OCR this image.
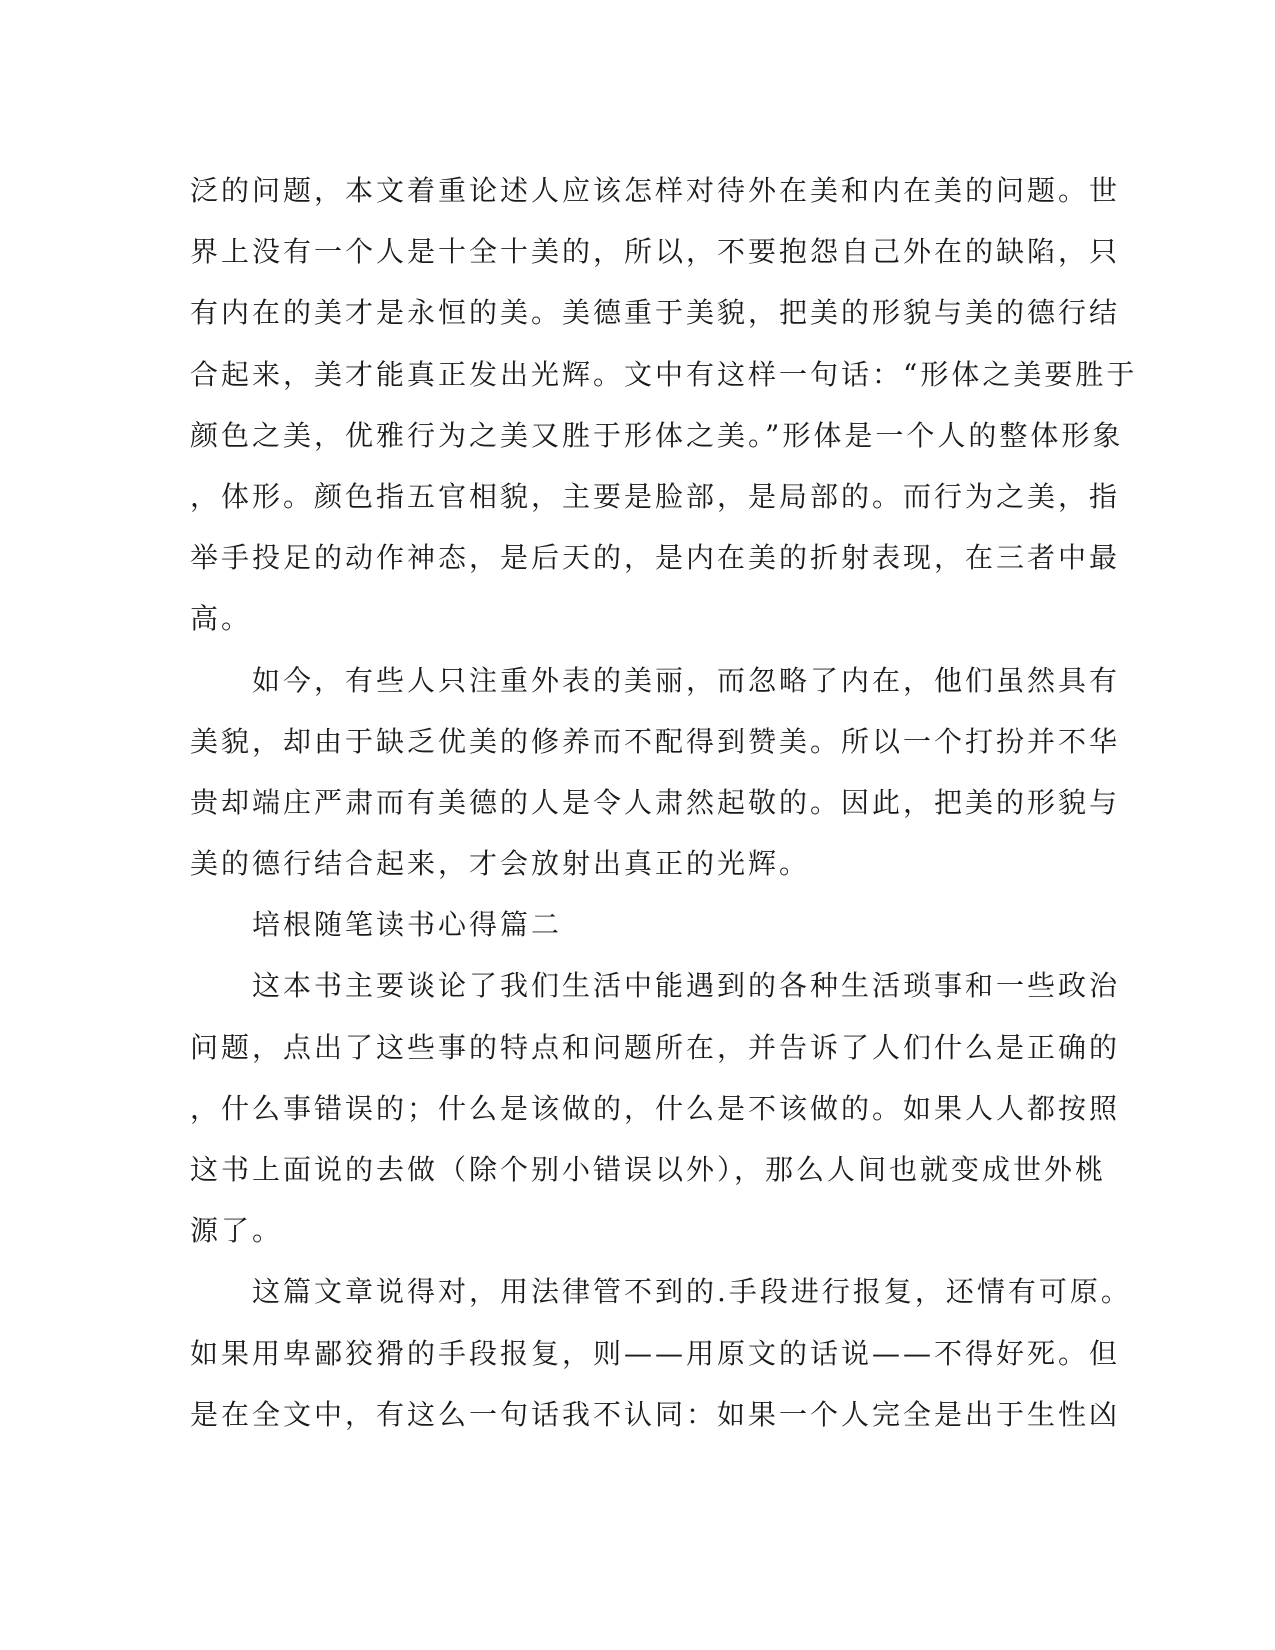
泛的问题，本文着重论述人应该怎样对待外在美和内在美的问题。世
界上没有一个人是十全十美的，所以，不要抱怨自己外在的缺陷，只
有内在的美才是永恒的美。美德重于美貌，把美的形貌与美的德行结
合起来，美才能真正发出光辉。文中有这样一句话：“形体之美要胜于
颜色之美，优雅行为之美又胜于形体之美。”形体是一个人的整体形象
，体形。颜色指五官相貌，主要是脸部，是局部的。而行为之美，指
举手投足的动作神态，是后天的，是内在美的折射表现，在三者中最
高。
　　如今，有些人只注重外表的美丽，而忽略了内在，他们虽然具有
美貌，却由于缺乏优美的修养而不配得到赞美。所以一个打扮并不华
贵却端庄严肃而有美德的人是令人肃然起敬的。因此，把美的形貌与
美的德行结合起来，才会放射出真正的光辉。
　　培根随笔读书心得篇二
　　这本书主要谈论了我们生活中能遇到的各种生活琐事和一些政治
问题，点出了这些事的特点和问题所在，并告诉了人们什么是正确的
，什么事错误的；什么是该做的，什么是不该做的。如果人人都按照
这书上面说的去做（除个别小错误以外），那么人间也就变成世外桃
源了。
　　这篇文章说得对，用法律管不到的.手段进行报复，还情有可原。
如果用卑鄙狡猾的手段报复，则——用原文的话说——不得好死。但
是在全文中，有这么一句话我不认同：如果一个人完全是出于生性凶
